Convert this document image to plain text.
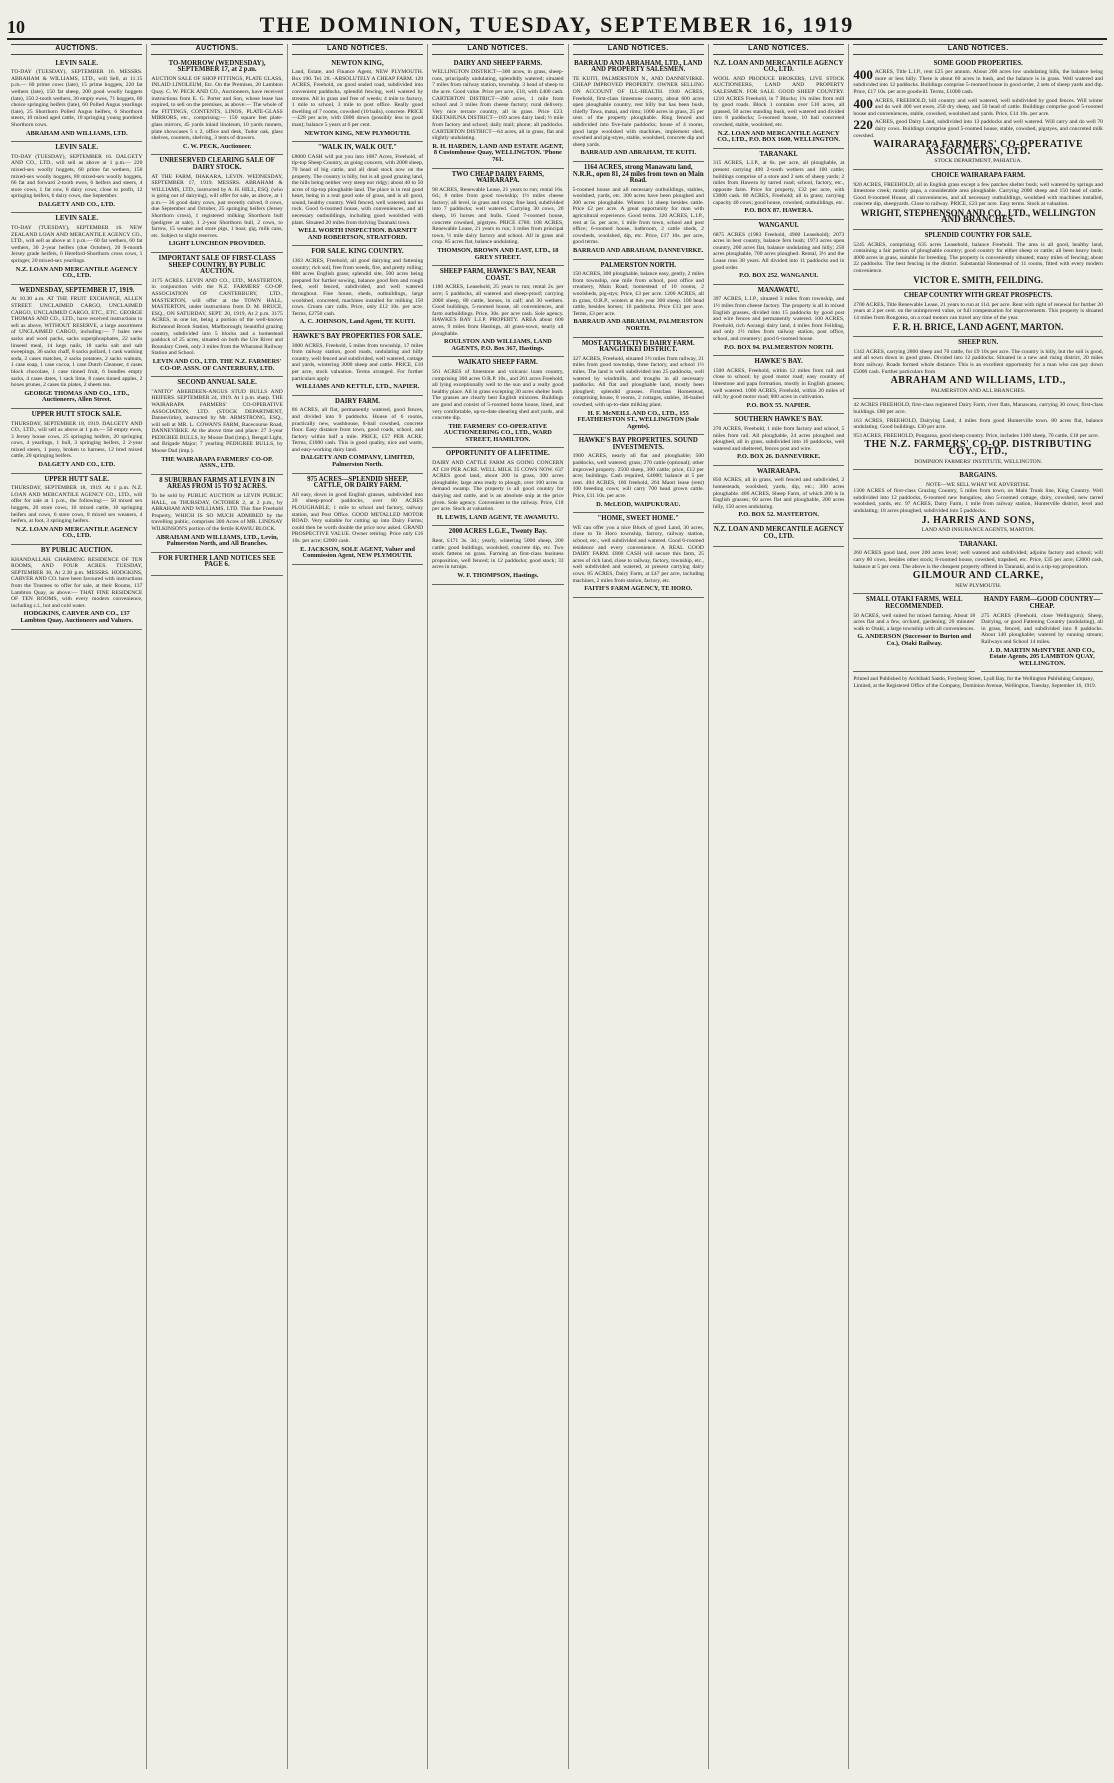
10	THE DOMINION, TUESDAY, SEPTEMBER 16, 1919
AUCTIONS.
LEVIN SALE.

TO-DAY (TUESDAY), SEPTEMBER 16. MESSRS. ABRAHAM & WILLIAMS, LTD., will Sell, at 11.15 p.m.— 60 prime cows (late), 15 prime hoggets, 220 fat wethers (late), 150 fat sheep, 200 good woolly hoggets (late), 150 2-tooth wethers, 30 empty ewes, 71 hoggets, 60 choice springing heifers (late), 60 Polled Angus yearlings (late), 25 Shorthorn Polled Angus heifers, 6 Shorthorn steers, 10 mixed aged cattle, 10 springing young purebred Shorthorn cows.

ABRAHAM AND WILLIAMS, LTD.
LEVIN SALE.

TO-DAY (TUESDAY), SEPTEMBER 16. DALGETY AND CO., LTD., will sell as above at 1 p.m.— 220 mixed-sex woolly hoggets, 60 prime fat wethers, 150 mixed-sex woolly hoggets, 80 mixed-sex woolly hoggets, 66 fat and forward 2-tooth ewes, 6 heifers and steers, 4 store cows, 1 fat cow, 6 dairy cows, close to profit, 12 springing heifers, 6 dairy cows, due September.

DALGETY AND CO., LTD.
LEVIN SALE.

TO-DAY (TUESDAY), SEPTEMBER 16. NEW ZEALAND LOAN AND MERCANTILE AGENCY CO., LTD., will sell as above at 1 p.m.— 60 fat wethers, 60 fat wethers, 30 2-year heifers (due October), 20 8-month Jersey grade heifers, 6 Hereford-Shorthorn cross cows, 1 springer, 20 mixed-sex yearlings.

N.Z. LOAN AND MERCANTILE AGENCY CO., LTD.
WEDNESDAY, SEPTEMBER 17, 1919.

At 10.30 a.m. AT THE FRUIT EXCHANGE, ALLEN STREET. UNCLAIMED CARGO, UNCLAIMED CARGO, UNCLAIMED CARGO, ETC., ETC. GEORGE THOMAS AND CO., LTD., have received instructions to sell as above, WITHOUT RESERVE, a large assortment of UNCLAIMED CARGO, including:— 7 bales new sacks and wool packs, sacks superphosphates, 22 sacks linseed meal, 14 kegs nails, 18 sacks salt and salt sweepings, 36 sacks chaff, 8 sacks pollard, 1 cask washing soda, 2 cases matches, 2 sacks potatoes, 2 sacks walnuts, 1 case soap, 1 case cocoa, 1 case Dutch Cleanser, 4 cases block chocolate, 1 case tinned fruit, 6 bundles empty sacks, 4 cases dates, 1 sack lime, 8 cases tinned apples, 2 boxes prunes, 2 cases tin plates, 2 sheets tea.

GEORGE THOMAS AND CO., LTD., Auctioneers, Allen Street.
UPPER HUTT STOCK SALE.

THURSDAY, SEPTEMBER 18, 1919. DALGETY AND CO., LTD., will sell as above at 1 p.m.— 50 empty ewes, 3 Jersey house cows, 25 springing heifers, 20 springing cows, 4 yearlings, 1 bull, 3 springing heifers, 2 2-year mixed steers, 1 pony, broken to harness, 12 bred mixed cattle, 20 springing heifers.

DALGETY AND CO., LTD.
UPPER HUTT SALE.

THURSDAY, SEPTEMBER 18, 1919. At 1 p.m. N.Z. LOAN AND MERCANTILE AGENCY CO., LTD., will offer for sale at 1 p.m., the following:— 50 mixed sex hoggets, 20 store cows, 10 mixed cattle, 10 springing heifers and cows, 6 store cows, 8 mixed sex weaners, 4 heifers, at foot, 3 springing heifers.

N.Z. LOAN AND MERCANTILE AGENCY CO., LTD.
BY PUBLIC AUCTION.

KHANDALLAH. CHARMING RESIDENCE OF TEN ROOMS, AND FOUR ACRES. TUESDAY, SEPTEMBER 30, At 2.30 p.m. MESSRS. HODGKINS, CARVER AND CO. have been favoured with instructions from the Trustees to offer for sale, at their Rooms, 137 Lambton Quay, as above:— THAT FINE RESIDENCE OF TEN ROOMS, with every modern convenience, including c.l., hot and cold water.

HODGKINS, CARVER AND CO., 137 Lambton Quay, Auctioneers and Valuers.
AUCTIONS.
TO-MORROW (WEDNESDAY), SEPTEMBER 17, at 2 p.m.

AUCTION SALE OF SHOP FITTINGS, PLATE GLASS, INLAID LINOLEUM, Etc. On the Premises, 20 Lambton Quay. C. W. PECK AND CO., Auctioneers, have received instructions from E. G. Porter and Son, whose lease has expired, to sell on the premises, as above:— The whole of the FITTINGS, CONTENTS, LINOS, PLATE-GLASS MIRRORS, etc., comprising:— 150 square feet plate-glass mirrors, 45 yards inlaid linoleum, 10 yards runners, plate showcases 5 x 2, office and desk, Tudor oak, glass shelves, counters, shelving, 3 tents of drawers.

C. W. PECK, Auctioneer.
UNRESERVED CLEARING SALE OF DAIRY STOCK.

AT THE FARM, IHAKARA, LEVIN. WEDNESDAY, SEPTEMBER 17, 1919. MESSRS. ABRAHAM & WILLIAMS, LTD., instructed by A. H. HILL, ESQ. (who is going out of dairying), will offer for sale, as above, at 1 p.m.— 36 good dairy cows, just recently calved, 8 cows, due September and October, 25 springing heifers (Jersey Shorthorn cross), 1 registered milking Shorthorn bull (pedigree at sale), 1 2-year Shorthorn bull, 2 cows, to farrow, 15 weaner and store pigs, 1 boar, gig, milk cans, etc. Subject to slight reserves.

LIGHT LUNCHEON PROVIDED.
IMPORTANT SALE OF FIRST-CLASS SHEEP COUNTRY, BY PUBLIC AUCTION.

3175 ACRES. LEVIN AND CO., LTD., MASTERTON, in conjunction with the N.Z. FARMERS' CO-OP. ASSOCIATION OF CANTERBURY, LTD., MASTERTON, will offer at the TOWN HALL, MASTERTON, under instructions from D. M. BRUCE, ESQ., ON SATURDAY, SEPT. 20, 1919, At 2 p.m. 3175 ACRES, in one lot, being a portion of the well-known Richmond Brook Station, Marlborough; beautiful grazing country, subdivided into 5 blocks and a homestead paddock of 25 acres, situated on both the Ure River and Boundary Creek, only 3 miles from the Wharanui Railway Station and School.

LEVIN AND CO., LTD. THE N.Z. FARMERS' CO-OP. ASSN. OF CANTERBURY, LTD.
SECOND ANNUAL SALE.

"ANITO" ABERDEEN-ANGUS STUD BULLS AND HEIFERS. SEPTEMBER 24, 1919. At 1 p.m. sharp. THE WAIRARAPA FARMERS' CO-OPERATIVE ASSOCIATION, LTD. (STOCK DEPARTMENT, Danneviirke), instructed by Mr. ARMSTRONG, ESQ., will sell at MR. L. COWAN'S FARM, Racecourse Road, DANNEVIRKE. At the above time and place: 27 3-year PEDIGREE BULLS, by Moose Dad (imp.), Bengal Light, and Brigade Major; 7 yearling PEDIGREE BULLS, by Moose Dad (imp.).

THE WAIRARAPA FARMERS' CO-OP. ASSN., LTD.
8 SUBURBAN FARMS AT LEVIN 8 IN AREAS FROM 15 TO 92 ACRES.

To be sold by PUBLIC AUCTION at LEVIN PUBLIC HALL, on THURSDAY, OCTOBER 2, at 2 p.m., by ABRAHAM AND WILLIAMS, LTD. This fine Freehold Property, WHICH IS SO MUCH ADMIRED by the travelling public, comprises 300 Acres of MR. LINDSAY WILKINSON'S portion of the fertile KAWIU BLOCK.

ABRAHAM AND WILLIAMS, LTD., Levin, Palmerston North, and All Branches.
FOR FURTHER LAND NOTICES SEE PAGE 6.
LAND NOTICES.
NEWTON KING,

Land, Estate, and Finance Agent, NEW PLYMOUTH. Box 190. Tel. 28. -ABSOLUTELY A CHEAP FARM. 120 ACRES, Freehold, on good sealed road, subdivided into convenient paddocks, splendid fencing, well watered by streams. All in grass and free of weeds; 4 mile to factory, 1 mile to school, 3 mile to post office. Really good dwelling of 7 rooms, cowshed (10 bails), concrete. PRICE—£28 per acre, with £800 down (possibly less to good man); balance 5 years at 6 per cent.

NEWTON KING, NEW PLYMOUTH.
"WALK IN, WALK OUT."

£8000 CASH will put you into 1087 Acres, Freehold, of tip-top Sheep Country, as going concern, with 2000 sheep, 70 head of big cattle, and all dead stock now on the property. The country is hilly, but is all good grazing land, the hills being neither very steep nor ridgy; about 40 to 50 acres of tip-top ploughable land. The place is in real good heart, being in a real good sole of grass, and is all good, sound, healthy country. Well fenced, well watered, and no rock. Good 6-roomed house, with conveniences, and all necessary outbuildings, including good woolshed with plant. Situated 20 miles from thriving Taranaki town.

WELL WORTH INSPECTION. BARNITT AND ROBERTSON, STRATFORD.
FOR SALE. KING COUNTRY.

1363 ACRES, Freehold, all good dairying and fattening country; rich soil, free from weeds, fire, and pretty rolling; 800 acres English grass; splendid site, 500 acres being prepared for further sowing, balance good fern and rough feed, well fenced, subdivided, and well watered throughout. Fine house, sheds, outbuildings, large woolshed, concreted, machines installed for milking 150 cows. Cream carr calls. Price, only £12 10s. per acre. Terms, £2750 cash.

A. C. JOHNSON, Land Agent, TE KUITI.
HAWKE'S BAY PROPERTIES FOR SALE.

3000 ACRES, Freehold, 5 miles from township, 17 miles from railway station, good roads, undulating and hilly country, well fenced and subdivided, well watered, cottage and yards, wintering 3000 sheep and cattle. PRICE, £10 per acre, stock valuation. Terms arranged. For further particulars apply

WILLIAMS AND KETTLE, LTD., NAPIER.
DAIRY FARM.

86 ACRES, all flat, permanently watered, good fences, and divided into 9 paddocks. House of 6 rooms, practically new, washhouse, 8-bail cowshed, concrete floor. Easy distance from town, good roads, school, and factory within half a mile. PRICE, £57 PER ACRE. Terms, £1000 cash. This is good quality, nice and warm, and easy-working dairy land.

DALGETY AND COMPANY, LIMITED, Palmerston North.
975 ACRES—SPLENDID SHEEP, CATTLE, OR DAIRY FARM.

All easy, down in good English grasses, subdivided into 20 sheep-proof paddocks, over 80 ACRES PLOUGHABLE; 1 mile to school and factory, railway station, and Post Office. GOOD METALLED MOTOR ROAD. Very suitable for cutting up into Dairy Farms; could then be worth double the price now asked. GRAND PROSPECTIVE VALUE. Owner retiring. Price only £16 10s. per acre; £2000 cash.

E. JACKSON, SOLE AGENT, Valuer and Commission Agent, NEW PLYMOUTH.
LAND NOTICES.
DAIRY AND SHEEP FARMS.

WELLINGTON DISTRICT—300 acres, in grass, sheep-runs, principally undulating, splendidly watered; situated 7 miles from railway station, township. 3 head of sheep to the acre. Good value. Price per acre, £18, with £400 cash. CARTERTON DISTRICT—280 acres, 1 mile from school and 3 miles from cheese factory; rural delivery. Very nice terrace country, all in grass. Price £23. EKETAHUNA DISTRICT—169 acres dairy land; ½ mile from factory and school; daily mail; phone; all paddocks. CARTERTON DISTRICT—64 acres, all in grass, flat and slightly undulating.

R. H. HARDEN, LAND AND ESTATE AGENT, 8 Customhouse Quay, WELLINGTON. 'Phone 761.
TWO CHEAP DAIRY FARMS, WAIRARAPA.

98 ACRES, Renewable Lease, 21 years to run; rental 16s. 6d.; 8 miles from good township; 1½ miles cheese factory; all level, in grass and crops; fine land, subdivided into 7 paddocks; well watered. Carrying 30 cows, 20 sheep, 16 horses and bulls. Good 7-roomed house, concrete cowshed, pigstyes. PRICE £780. 108 ACRES, Renewable Lease, 21 years to run; 3 miles from principal town, ½ mile dairy factory and school. All in grass and crop. 85 acres flat, balance undulating.

THOMSON, BROWN AND EAST, LTD., 18 GREY STREET.
SHEEP FARM, HAWKE'S BAY, NEAR COAST.

1180 ACRES, Leasehold, 25 years to run; rental 2s. per acre; 5 paddocks, all watered and sheep-proof; carrying 2000 sheep, 80 cattle, horses, in calf; and 30 wethers. Good buildings, 5-roomed house, all conveniences, and farm outbuildings. Price, 30s. per acre cash. Sole agency. HAWKE'S BAY L.I.P. PROPERTY. AREA about 600 acres, 9 miles from Hastings, all grass-sown, nearly all ploughable.

ROULSTON AND WILLIAMS, LAND AGENTS, P.O. Box 367, Hastings.
WAIKATO SHEEP FARM.

561 ACRES of limestone and volcanic loam country, comprising 300 acres O.R.P. 10s., and 261 acres Freehold, all lying exceptionally well to the sun and a really good healthy place. All in grass excepting 30 acres shelter bush. The grasses are clearly best English mixtures. Buildings are good and consist of 5-roomed home house, lined, and very comfortable, up-to-date shearing shed and yards, and concrete dip.

THE FARMERS' CO-OPERATIVE AUCTIONEERING CO., LTD., WARD STREET, HAMILTON.
OPPORTUNITY OF A LIFETIME.

DAIRY AND CATTLE FARM AS GOING CONCERN AT £18 PER ACRE. WELL MILK 35 COWS NOW. 637 ACRES good land, about 200 in grass, 300 acres ploughable; large area ready to plough, over 100 acres in demand swamp. The property is all good country for dairying and cattle, and is an absolute snip at the price given. Sole agency. Convenient to the railway. Price, £18 per acre. Stock at valuation.

H. LEWIS, LAND AGENT, TE AWAMUTU.
2000 ACRES L.G.E., Twenty Bay.

Rent, £171 3s. 3d.; yearly, wintering 5000 sheep, 200 cattle; good buildings, woolshed, concrete dip, etc. Two stock fattens on grass. Farming an first-class business proposition, well fenced; in 12 paddocks; good stock; 33 acres in turnips.

W. F. THOMPSON, Hastings.
LAND NOTICES.
BARRAUD AND ABRAHAM, LTD., LAND AND PROPERTY SALESMEN.

TE KUITI, PALMERSTON N., AND DANNEVIRKE. CHEAP IMPROVED PROPERTY. OWNER SELLING ON ACCOUNT OF ILL-HEALTH. 1940 ACRES, Freehold, first-class limestone country, about 600 acres open ploughable country, rest hilly but has been bush, chiefly Tawa, matai, and rimu; 1000 acres in grass, 25 per cent. of the property ploughable. Ring fenced and subdivided into five-bale paddocks; house of 4 rooms, good large woolshed with machines, implement shed, cowshed and pig-styes, stable, woolshed, concrete dip and sheep yards.

BARRAUD AND ABRAHAM, TE KUITI.
1164 ACRES, strong Manawatu land, N.R.R., open 81, 24 miles from town on Main Road.

5-roomed house and all necessary outbuildings, stables, woolshed, yards, etc. 300 acres have been ploughed and 300 acres ploughable. Winters 14 sheep besides cattle. Price £2 per acre. A great opportunity for man with agricultural experience. Good terms. 320 ACRES, L.I.P., rent at 5s. per acre, 1 mile from town, school and post office; 6-roomed house, bathroom, 2 cattle sheds, 2 cowsheds, woolshed, dip, etc. Price, £17 10s. per acre, good terms.

BARRAUD AND ABRAHAM, DANNEVIRKE.
PALMERSTON NORTH.

150 ACRES, 300 ploughable, balance easy, gently, 2 miles from township, one mile from school, post office and creamery, Main Road; homestead of 10 rooms, 2 woolsheds, pig-stys; Price, £3 per acre. 1200 ACRES, all in grass, O.R.P., winters at this year 300 sheep. 100 head cattle, besides horses; 16 paddocks. Price £13 per acre. Terms, £3 per acre.

BARRAUD AND ABRAHAM, PALMERSTON NORTH.
MOST ATTRACTIVE DAIRY FARM. RANGITIKEI DISTRICT.

327 ACRES, Freehold, situated 1½ miles from railway, 21 miles from good township, three factory, and school 1½ miles. The land is well subdivided into 25 paddocks, well watered by windmills, and troughs in all necessary paddocks. All flat and ploughable land, mostly been ploughed; splendid grasses. Firstclass Homestead, comprising house, 8 rooms, 2 cottages, stables, 36-bailed cowshed, with up-to-date milking plant.

H. F. McNEILL AND CO., LTD., 155 FEATHERSTON ST., WELLINGTON (Sole Agents).
HAWKE'S BAY PROPERTIES. SOUND INVESTMENTS.

1900 ACRES, nearly all flat and ploughable; 500 paddocks, well watered; grass; 270 cattle (optional); other improved property. 2500 sheep, 300 cattle; price, £12 per acre; buildings. Cash required, £4000; balance at 5 per cent. 404 ACRES, 160 freehold, 264 Maori lease (rent) 100 breeding cows; will carry 700 head grown cattle. Price, £11 10s. per acre.

D. McLEOD, WAIPUKURAU.
"HOME, SWEET HOME."

WE can offer you a nice Block of good Land, 30 acres, close to Te Horo township, factory, railway station, school, etc., well subdivided and watered. Good 6-roomed residence and every convenience. A REAL GOOD DAIRY FARM. £800 CASH will secure this farm, 25 acres of rich land, close to railway, factory, township, etc., well subdivided and watered, at present carrying dairy cows. 85 ACRES, Dairy Farm, at £47 per acre, including machines, 2 miles from station, factory, etc.

FAITH'S FARM AGENCY, TE HORO.
LAND NOTICES.
N.Z. LOAN AND MERCANTILE AGENCY CO., LTD.

WOOL AND PRODUCE BROKERS, LIVE STOCK AUCTIONEERS, LAND AND PROPERTY SALESMEN. FOR SALE. GOOD SHEEP COUNTRY. 1210 ACRES Freehold, in 7 Blocks; 1¾ miles from mill by good roads. Block 1 contains over 510 acres, all grassed, 50 acres standing bush, well watered and divided into 8 paddocks; 5-roomed house, 10 bail concreted cowshed, stable, woolshed, etc.

N.Z. LOAN AND MERCANTILE AGENCY CO., LTD., P.O. BOX 1600, WELLINGTON.
TARANAKI.

315 ACRES, L.I.P., at 6s. per acre, all ploughable, at present carrying 400 2-tooth wethers and 100 cattle; buildings comprise of a store and 2 sets of sheep yards; 2 miles from Hawera by tarred road; school, factory, etc., opposite farm. Price for property, £32 per acre, with £3000 cash. 80 ACRES, Freehold; all in grass; carrying capacity 40 cows; good house, cowshed, outbuildings, etc.

P.O. BOX 87. HAWERA.
WANGANUI.

6875 ACRES (1983 Freehold, 4900 Leasehold); 2073 acres in best country, balance fern bush; 1973 acres open country, 200 acres flat, balance undulating and hilly; 250 acres ploughable, 700 acres ploughed. Rental, 3½ and the Lease runs 38 years. All divided into 11 paddocks and in good order.

P.O. BOX 252. WANGANUI.
MANAWATU.

397 ACRES, L.I.P., situated 3 miles from township, and 1½ miles from cheese factory. The property is all in mixed English grasses, divided into 15 paddocks by good post and wire fences and permanently watered. 100 ACRES, Freehold, rich Aorangi dairy land, 4 miles from Feilding, and only 1½ miles from railway station, post office, school, and creamery; good 6-roomed house.

P.O. BOX 94. PALMERSTON NORTH.
HAWKE'S BAY.

1500 ACRES, Freehold, within 12 miles from rail and close to school; by good motor road; easy country of limestone and papa formation, mostly in English grasses; well watered. 1000 ACRES, Freehold, within 20 miles of rail; by good motor road; 800 acres in cultivation.

P.O. BOX 55. NAPIER.
SOUTHERN HAWKE'S BAY.

270 ACRES, Freehold, 1 mile from factory and school, 5 miles from rail. All ploughable, 24 acres ploughed and ploughed, all in grass, subdivided into 16 paddocks, well watered and sheltered, fences post and wire.

P.O. BOX 26. DANNEVIRKE.
WAIRARAPA.

850 ACRES, all in grass, well fenced and subdivided, 2 homesteads, woolshed, yards, dip, etc.; 300 acres ploughable. 406 ACRES, Sheep Farm, of which 200 is in English grasses; 60 acres flat and ploughable, 200 acres hilly, 150 acres undulating.

P.O. BOX 52. MASTERTON.
N.Z. LOAN AND MERCANTILE AGENCY CO., LTD.
LAND NOTICES.
SOME GOOD PROPERTIES.

400 ACRES, Title L.I.P., rent £25 per annum. About 200 acres low undulating hills, the balance being more or less hilly. There is about 60 acres in bush, and the balance is in grass. Well watered and subdivided into 12 paddocks. Buildings comprise 5-roomed house in good order, 2 sets of sheep yards and dip. Price, £17 10s. per acre goodwill. Terms, £1000 cash.

400 ACRES, FREEHOLD, hill country and well watered, well subdivided by good fences. Will winter and do well 400 wet ewes, 250 dry sheep, and 50 head of cattle. Buildings comprise good 5-roomed house and conveniences, stable, cowshed, woolshed and yards. Price, £14 10s. per acre.

220 ACRES, good Dairy Land, subdivided into 13 paddocks and well watered. Will carry and do well 70 dairy cows. Buildings comprise good 5-roomed house, stable, cowshed, pigstyes, and concreted milk cowshed.

WAIRARAPA FARMERS' CO-OPERATIVE ASSOCIATION, LTD.
STOCK DEPARTMENT, PAHIATUA.
CHOICE WAIRARAPA FARM.

920 ACRES, FREEHOLD; all in English grass except a few patches shelter bush; well watered by springs and limestone creek; mostly papa, a considerable area ploughable. Carrying 2000 sheep and 150 head of cattle. Good 8-roomed House, all conveniences, and all necessary outbuildings, woolshed with machines installed, concrete dip, sheepyards. Close to railway. PRICE, £23 per acre. Easy terms. Stock at valuation.

WRIGHT, STEPHENSON AND CO., LTD., WELLINGTON AND BRANCHES.
SPLENDID COUNTRY FOR SALE.

5245 ACRES, comprising 635 acres Leasehold, balance Freehold. The area is all good, healthy land, containing a fair portion of ploughable country; good country for either sheep or cattle; all been heavy bush; 4000 acres in grass, suitable for breeding. The property is conveniently situated; many miles of fencing; about 22 paddocks. The best fencing in the district. Substantial Homestead of 11 rooms, fitted with every modern convenience.

VICTOR E. SMITH, FEILDING.
CHEAP COUNTRY WITH GREAT PROSPECTS.

2700 ACRES, Title Renewable Lease, 21 years to run at 11d. per acre. Rent with right of renewal for further 20 years at 2 per cent. on the unimproved value, or full compensation for improvements. This property is situated 14 miles from Rongotea, on a road motors can travel any time of the year.

F. R. H. BRICE, LAND AGENT, MARTON.
SHEEP RUN.

1342 ACRES, carrying 2800 sheep and 70 cattle, for £9 10s per acre. The country is hilly, but the soil is good, and all sown down in good grass. Divided into 12 paddocks. Situated in a new and rising district, 20 miles from railway. Roads formed whole distance. This is an excellent opportunity for a man who can pay down £5000 cash. Further particulars from

ABRAHAM AND WILLIAMS, LTD.,
PALMERSTON AND ALL BRANCHES.

42 ACRES FREEHOLD, first-class registered Dairy Farm, river flats, Manawatu, carrying 30 cows; first-class buildings. £80 per acre.

163 ACRES, FREEHOLD, Dairying Land, 4 miles from good Hunterville town. 80 acres flat, balance undulating. Good buildings. £30 per acre.

953 ACRES, FREEHOLD, Pongaroa, good sheep country. Price, includes 1100 sheep, 70 cattle, £18 per acre.

THE N.Z. FARMERS' CO-OP. DISTRIBUTING COY., LTD.,
DOMINION FARMERS' INSTITUTE, WELLINGTON.
BARGAINS.
NOTE—WE SELL WHAT WE ADVERTISE.

1300 ACRES of first-class Grazing Country, 5 miles from town, on Main Trunk line, King Country. Well subdivided into 12 paddocks, 6-roomed new bungalow, also 5-roomed cottage, dairy, cowshed, new tarred woolshed, yards, etc. 97 ACRES, Dairy Farm, 1 mile from railway station, Hunterville district, level and undulating; 18 acres ploughed, subdivided into 5 paddocks.

J. HARRIS AND SONS,
LAND AND INSURANCE AGENTS, MARTON.
TARANAKI.

260 ACRES good land, over 200 acres level; well watered and subdivided; adjoins factory and school; will carry 80 cows, besides other stock; 8-roomed house, cowshed, trapshed, etc. Price, £35 per acre; £2000 cash, balance at 5 per cent. The above is the cheapest property offered in Taranaki, and is a tip-top proposition.

GILMOUR AND CLARKE,
NEW PLYMOUTH.
SMALL OTAKI FARMS, WELL RECOMMENDED.

50 ACRES, well suited for mixed farming. About 18 acres flat and a few, orchard, gardening; 20 minutes' walk to Otaki, a large township with all conveniences.

G. ANDERSON (Successor to Burton and Co.), Otaki Railway.
HANDY FARM—GOOD COUNTRY—CHEAP.

275 ACRES (Freehold, close Wellington); Sheep, Dairying, or good Fattening Country (undulating), all in grass, fenced, and subdivided into 8 paddocks. About 140 ploughable; watered by running stream; Railways and School 14 miles.

J. D. MARTIN McINTYRE AND CO., Estate Agents, 205 LAMBTON QUAY, WELLINGTON.

Printed and Published by Archibald Sando, Freyberg Street, Lyall Bay, for the Wellington Publishing Company, Limited, at the Registered Office of the Company, Dominion Avenue, Wellington, Tuesday, September 16, 1919.
